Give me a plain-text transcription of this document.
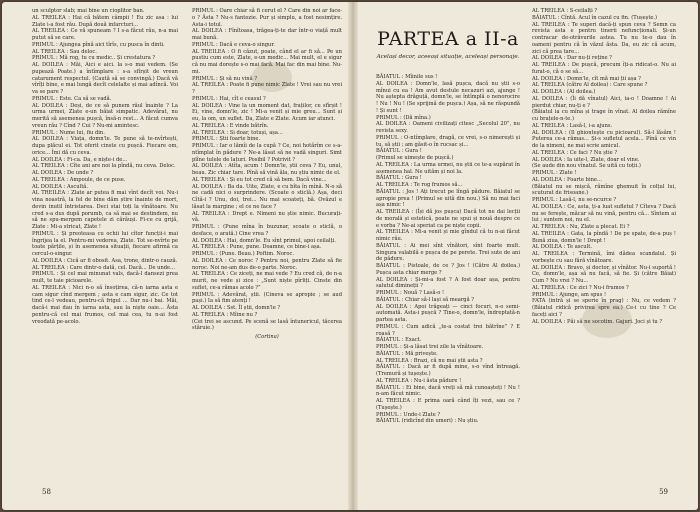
un sculptor slab; mai bine un cioplitor ban.
AL TREILEA : Hai că bătem câmpii ! Eu zic asa : lui Zlate i-a fost rău. După două infarcturi...
AL TREILEA : Ce vă spuneam ? I s-a făcut rău, n-a mai putut să se care.
PRIMUL : Ajungea pînă aici tîrîs, cu pusca în dinti.
AL TREILEA : Sau deloc.
PRIMUL : Mă rog, tu cu medic.. Și crestatura ?
AL DOILEA : Măi, Aici e aici. la s-o mai vedem. (Se pupează Poate.) a întîmplare : s-a sfîrșit de vreun catarument respectul. (Caută să se convingă.) Dacă vă vîrîți bine, e mai lungă decît celelalte și mai adîncă. Voi va se pare ?
PRIMUL : Este. Ca să se vadă.
AL DOILEA : Deși, de ce să punem răul înainte ? La urma urmei, Zlate e-un băiat simpatic. Adevărat, nu merită să asemenea pușcă, însă-n rest... A făcut cumva vreun rău ? Cînd ? Cui ? Nu-mi amintesc.
PRIMUL : Nume lui, fiu din.
AL DOILEA : Viața, domn'le. Te pune să te-nvîrtești, dupa plăcul ei. Tot oferit cinste cu pușcă. Fiecare om, orice... Îmi dă cu ceva.
AL DOILEA : Fi-ca. Da, e niște-i de...
AL TREILEA : Cîte ani are noi la pîndă, nu ceva. Deloc.
AL DOILEA : De unde ?
AL TREILEA : Ampoule, de ce puse.
AL DOILEA : Ascultă.
AL TREILEA : Zlate ar putea fi mai vînt decît voi. Nu-i vina noastră, la fel de bine dăm știre înainte de mort, devin inutil întristarea. Deci stai toți la vînătoare. Nu cred s-a dus după porumb, ca să mai se destindem, nu să ne spu-mergem capetele zi cărăuși. Fi-ce cu grijă, Zlate : Mi-a stricat, Zlate !
PRIMUL : Și preoteasa cu ochii lui cîtor funcții-i mai îngrijea la el. Pentru-mi vederea, Zlate. Tot se-nvîrte pe toate părțile, și în asemenea situații, fiecare afirmă ca cercul-o-singur.
AL DOILEA : Cică ar fi obosit. Asa, trone, dintr-o cauză.
AL TREILEA : Care dintr-o dată, cel. Dacă... De unde...
PRIMUL : Și cel mai minunat vals, dacă-l dansezi prea mult, te taie picioarele.
AL TREILEA : Nici n-o să însoțirea, că-n iarna asta e cam sigur cînd mergem ; asta e cam sigur, zic. Ce tot tind ce-l vedeau, pentru-că frigul ... Dar nu-i bai. Măi, dacă-i mai dau în iarna asta, sau la niște oaie... Ăsta pentru-că cel mai frumos, cel mai cea, tu n-ai fost vreodată pe-acolo.
PRIMUL : Oare chiar să fi cerut el ? Care din noi ar face-o ? Ăsta ? Nu-s fantezie. Pur și simplu, a fost nesimțire. Asta-i totul.
AL DOILEA : Fînîtoasa, trăgea-ți-te dar într-o viață mult mai bună.
PRIMUL : Dacă e ceva-o singur.
AL TREILEA : O fi căzut, poate, când el ar fi să... Pe un pustiu cum este, Zlate, e-un medic... Mai mult, el e sigur că nu mai dorește s-o mai facă. Mai fac din mai bine. Nu-mi.
PRIMUL : Și să nu vină ?
AL TREILEA : Poate fi pune nimic Zlate ! Vrei sau nu vrei ?
PRIMUL : Hai, cît e ceasul ?
AL DOILEA : Vine la un moment dat, fraților, ce sfîrșit ! Ei, vine, domn'le, zic ! Mi-a venit și mie greu... Sunt și eu, la om, un suflet. Da, Zlate e Zlate. Acum iar atunci.
AL TREILEA : E vinde bătrîn.
AL TREILEA : Si doar, totuși, așa...
PRIMUL : Știi foarte bine.
PRIMUL : Iar o lămîi de la cupă ? Ce, noi hotărîm ce s-a-ntîmplat în pădure ? Ne-a lăsat să ne vadă singuri. Simt plîne tulele de lațuri. Posibil ? Potrivit ?
AL DOILEA : Atîta, acum ! Domn'le, știi ceva ? Eu, unul, beau. Zic chiar tare. Pînă să vină ăla, nu știu nimic de el.
AL TREILEA : Și eu tot cred că să bem. Dacă vine...
AL DOILEA : Ba da. Uite, Zlate, e cu bîta în mînă. N-o să ne cadă nici o surprindere. (Scoate o sticlă.) Așa, deci Cîtă-i ? Unu, doi, trei... Nu mai scoateți, bă. Ovăzul e lăsat la margine ; el ce ne face ?
AL TREILEA : Drept e. Nimeni nu știe nimic. Bucurați-vă.
PRIMUL : (Pune mîna în buzunar, scoate o sticlă, o desface, o arată.) Cine vrea ?
AL DOILEA : Hai, domn'le. Eu sînt primul, apoi ceilalți.
AL TREILEA : Pune, pune. Doamne, ce bine-i așa.
PRIMUL : (Pune. Beau.) Poftim. Noroc.
AL DOILEA : Ce noroc ? Pentru noi, pentru Zlate să fie noroc. Noi ne-am dus de-o parte. Noroc.
AL TREILEA : Ce ziceți, ne mai vede ? Eu cred că, de n-a murit, ne vede și zice : „Sunt niște pîrliți. Cinste din suflet, ce-a rămas acolo ?”
PRIMUL : Adevărat, știi. (Cineva se apropie ; se aud pași.) Ia să fim atenți !
AL DOILEA : Sst. Îl știi, domn'le ?
AL TREILEA : Mîine nu ?
(Cei trei se ascund. Pe scenă se lasă întunericul, tăcerea stăruie.)
(Cortina)
PARTEA a II-a
Același decor, aceeași situație, aceleași personaje.
BĂIATUL : Mîinile sus !
AL DOILEA : Domn'le, lasă pușca, dacă nu știi s-o mînui cu ea ! Am avut destule necazuri azi, ajunge ! Nu aștepta drăguță, domn'le, se întîmplă o nenorocire ! Nu ! Nu ! (Se sprijină de pușca.) Așa, să ne răspundă ! Și sunt !
PRIMUL : (Dă mîna.)
AL DOILEA : Oameni civilizați citesc „Secolul 20”, nu revista sexy.
PRIMUL : O-ntîmplare, dragă, ce vrei, s-o nimerești și tu, să știi ; am găsit-o în rucsac și...
BĂIATUL : Gura !
(Primul se uimește de pușcă.)
AL TREILEA : La urma urmei, nu știi ce te-a supărat în asemenea hal. Ne uităm și noi la.
BĂIATUL : Gura !
AL TREILEA : Te rog frumos să...
BĂIATUL : Jos ! Ați trecut pe lîngă pădure. Băiatul se apropie prea ! (Primul se uită din nou.) Să nu mai faci așa nimic !
AL TREILEA : (Își dă jos pușca) Dacă tot ne dai lecții de morală și estetică, poate ne spui și nouă despre ce e vorba ? Ne-ai speriat ca pe niște copii.
AL TREILEA : Mi-a venit și mie gîndul că tu n-ai făcut nimic rău.
BĂIATUL : Ai mei sînt vînători, sînt foarte mult. Singura valabilă e pușca de pe perete. Trei sute de ani de pădure.
BĂIATUL : Pistoale, de ce ? Jos ! (Către Al doilea.) Pușca asta chiar merge ?
AL DOILEA : Și-mi-a fost ? A fost doar așa, pentru salutul dimineții ?
PRIMUL : Nouă ? Lasă-o !
BĂIATUL : Chiar să-l lași să meargă ?
AL DOILEA : Apoi trăgeați — cinci focuri, n-o semi-automată. Asta-i pușcă ? Tine-o, domn'le, îndreptată-n partea asta.
PRIMUL : Cum adică „te-a costat trei bătrîne” ? E roasă ?
BĂIATUL : Exact.
PRIMUL : Și-a lăsat trei zile la vînătoare.
BĂIATUL : Mă privește.
AL TREILEA : Brazi, că nu mai știi asta ?
BĂIATUL : Dacă ar fi după mine, s-o vînd întreagă. (Tremură și tușește.)
AL TREILEA : Nu-i ăsta pădure !
BĂIATUL : Ei bine, dacă vreți să mă cunoașteți ! Nu ! n-am făcut nimic.
AL TREILEA : E prima oară când îți vezi, sau ce ? (Tușește.)
PRIMUL : Unde-i Zlate ?
BĂIATUL (ridicînd din umeri) : Nu știu.
AL TREILEA : S-ceilalți ?
BĂIATUL : Cîntă. Acul în cazul cu fin. (Tușește.)
AL TREILEA : Te superi dacă-ți spun ceva ? Semn ca revista asta e pentru tinerii nefuncționali. Și-un contracar de-otrăvurile astea. Tu nu te-o dau în oameni pentru că în văzul ăsta. Da, eu zic că acum, zici că prea tare...
AL DOILEA : Dar nu-ți reține ?
AL TREILEA : De pușcă, precum îți-a ridicat-o. Nu ai furat-o, că o se să...
AL DOILEA : Domn'le, cît mă mai ții așa ?
AL TREILEA (către Al doilea) : Care spune ?
AL DOILEA : (Al doilea.)
AL DOILEA : (Îi dă vînatul) Aici, ia-o ! Doamne ! Ai pierdut chiar, nu-ți e ?
(Băiatul ia cu mîna și trage în vînat. Al doilea rămîne cu brațele-n-te.)
AL TREILEA : Lasă-l, i-a ajuns.
AL DOILEA : (Il ghiontește cu picioarul). Să-l lăsăm ! Puterea ce-a rămas... Și-s sufletul acela... Pînă ce vin de la nimeni, ne mai scrie amicul.
AL TREILEA : Ce faci ? Nu știe ?
AL DOILEA : Ia uite-l, Zlate, doar el vine.
(Se aude din nou vînatul. Se uită cu toții.)
PRIMUL : Zlate !
AL DOILEA : Foarte bine...
(Băiatul nu se mișcă, rămîne ghemuit în colțul lui, scuturat de frisoane.)
PRIMUL : Lasă-l, nu se-ncurce ?
AL DOILEA : Ce, asta, ți-a luat sufletul ? Cîteva ? Dacă nu se ferește, măcar să nu vină, pentru că... Sîntem ai lui ; suntem noi, nu el.
AL TREILEA : Nu, Zlate a plecat. Ei ?
AL TREILEA : Gata, la pîndă ! De pe spate, de-a puș ! Bună ziua, domn'le ! Drept !
AL DOILEA : Te ascult.
AL TREILEA : Termină, îmi dădea scandalul. Și vorbește cu sau fără vînătoare.
AL DOILEA : Bravo, și doctor, și vînător. Nu-i suportă ! Ce, domn'le, așa să nu facă, să fie. Și (către Băiat) Cum ? Nu vrei ? Nu...
AL TREILEA : Ce zici ? Nu-i frumos ?
PRIMUL : Ajunge, am spus !
FATA (intră și se sperie în prag) : Nu, ce vedem ? (Băiatul ridică privirea spre ea.) Ce-i cu tine ? Ce faceți aici ?
AL DOILEA : Păi să ne socotim. Gajuri. Joci și tu ?
58	59
